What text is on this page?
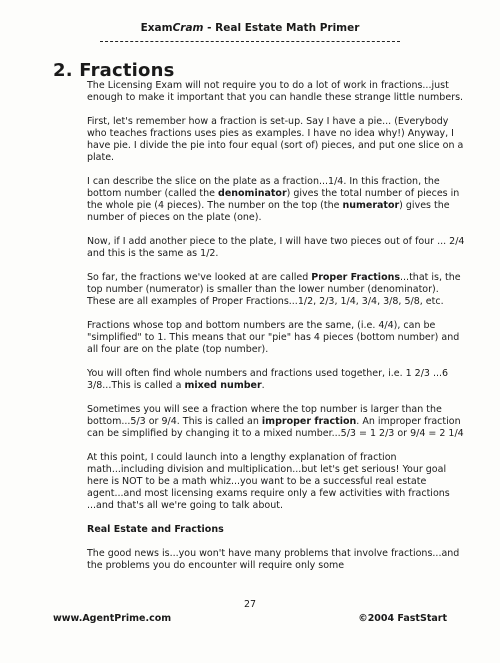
ExamCram - Real Estate Math Primer
2. Fractions

The Licensing Exam will not require you to do a lot of work in fractions...just enough to make it important that you can handle these strange little numbers.

First, let's remember how a fraction is set-up. Say I have a pie... (Everybody who teaches fractions uses pies as examples. I have no idea why!) Anyway, I have pie. I divide the pie into four equal (sort of) pieces, and put one slice on a plate.

I can describe the slice on the plate as a fraction...1/4. In this fraction, the bottom number (called the denominator) gives the total number of pieces in the whole pie (4 pieces). The number on the top (the numerator) gives the number of pieces on the plate (one).

Now, if I add another piece to the plate, I will have two pieces out of four ... 2/4 and this is the same as 1/2.

So far, the fractions we've looked at are called Proper Fractions...that is, the top number (numerator) is smaller than the lower number (denominator). These are all examples of Proper Fractions...1/2, 2/3, 1/4, 3/4, 3/8, 5/8, etc.

Fractions whose top and bottom numbers are the same, (i.e. 4/4), can be "simplified" to 1. This means that our "pie" has 4 pieces (bottom number) and all four are on the plate (top number).

You will often find whole numbers and fractions used together, i.e. 1 2/3 ...6 3/8...This is called a mixed number.

Sometimes you will see a fraction where the top number is larger than the bottom...5/3 or 9/4. This is called an improper fraction. An improper fraction can be simplified by changing it to a mixed number...5/3 = 1 2/3 or 9/4 = 2 1/4

At this point, I could launch into a lengthy explanation of fraction math...including division and multiplication...but let's get serious! Your goal here is NOT to be a math whiz...you want to be a successful real estate agent...and most licensing exams require only a few activities with fractions ...and that's all we're going to talk about.

Real Estate and Fractions

The good news is...you won't have many problems that involve fractions...and the problems you do encounter will require only some

27
www.AgentPrime.com	©2004 FastStart
